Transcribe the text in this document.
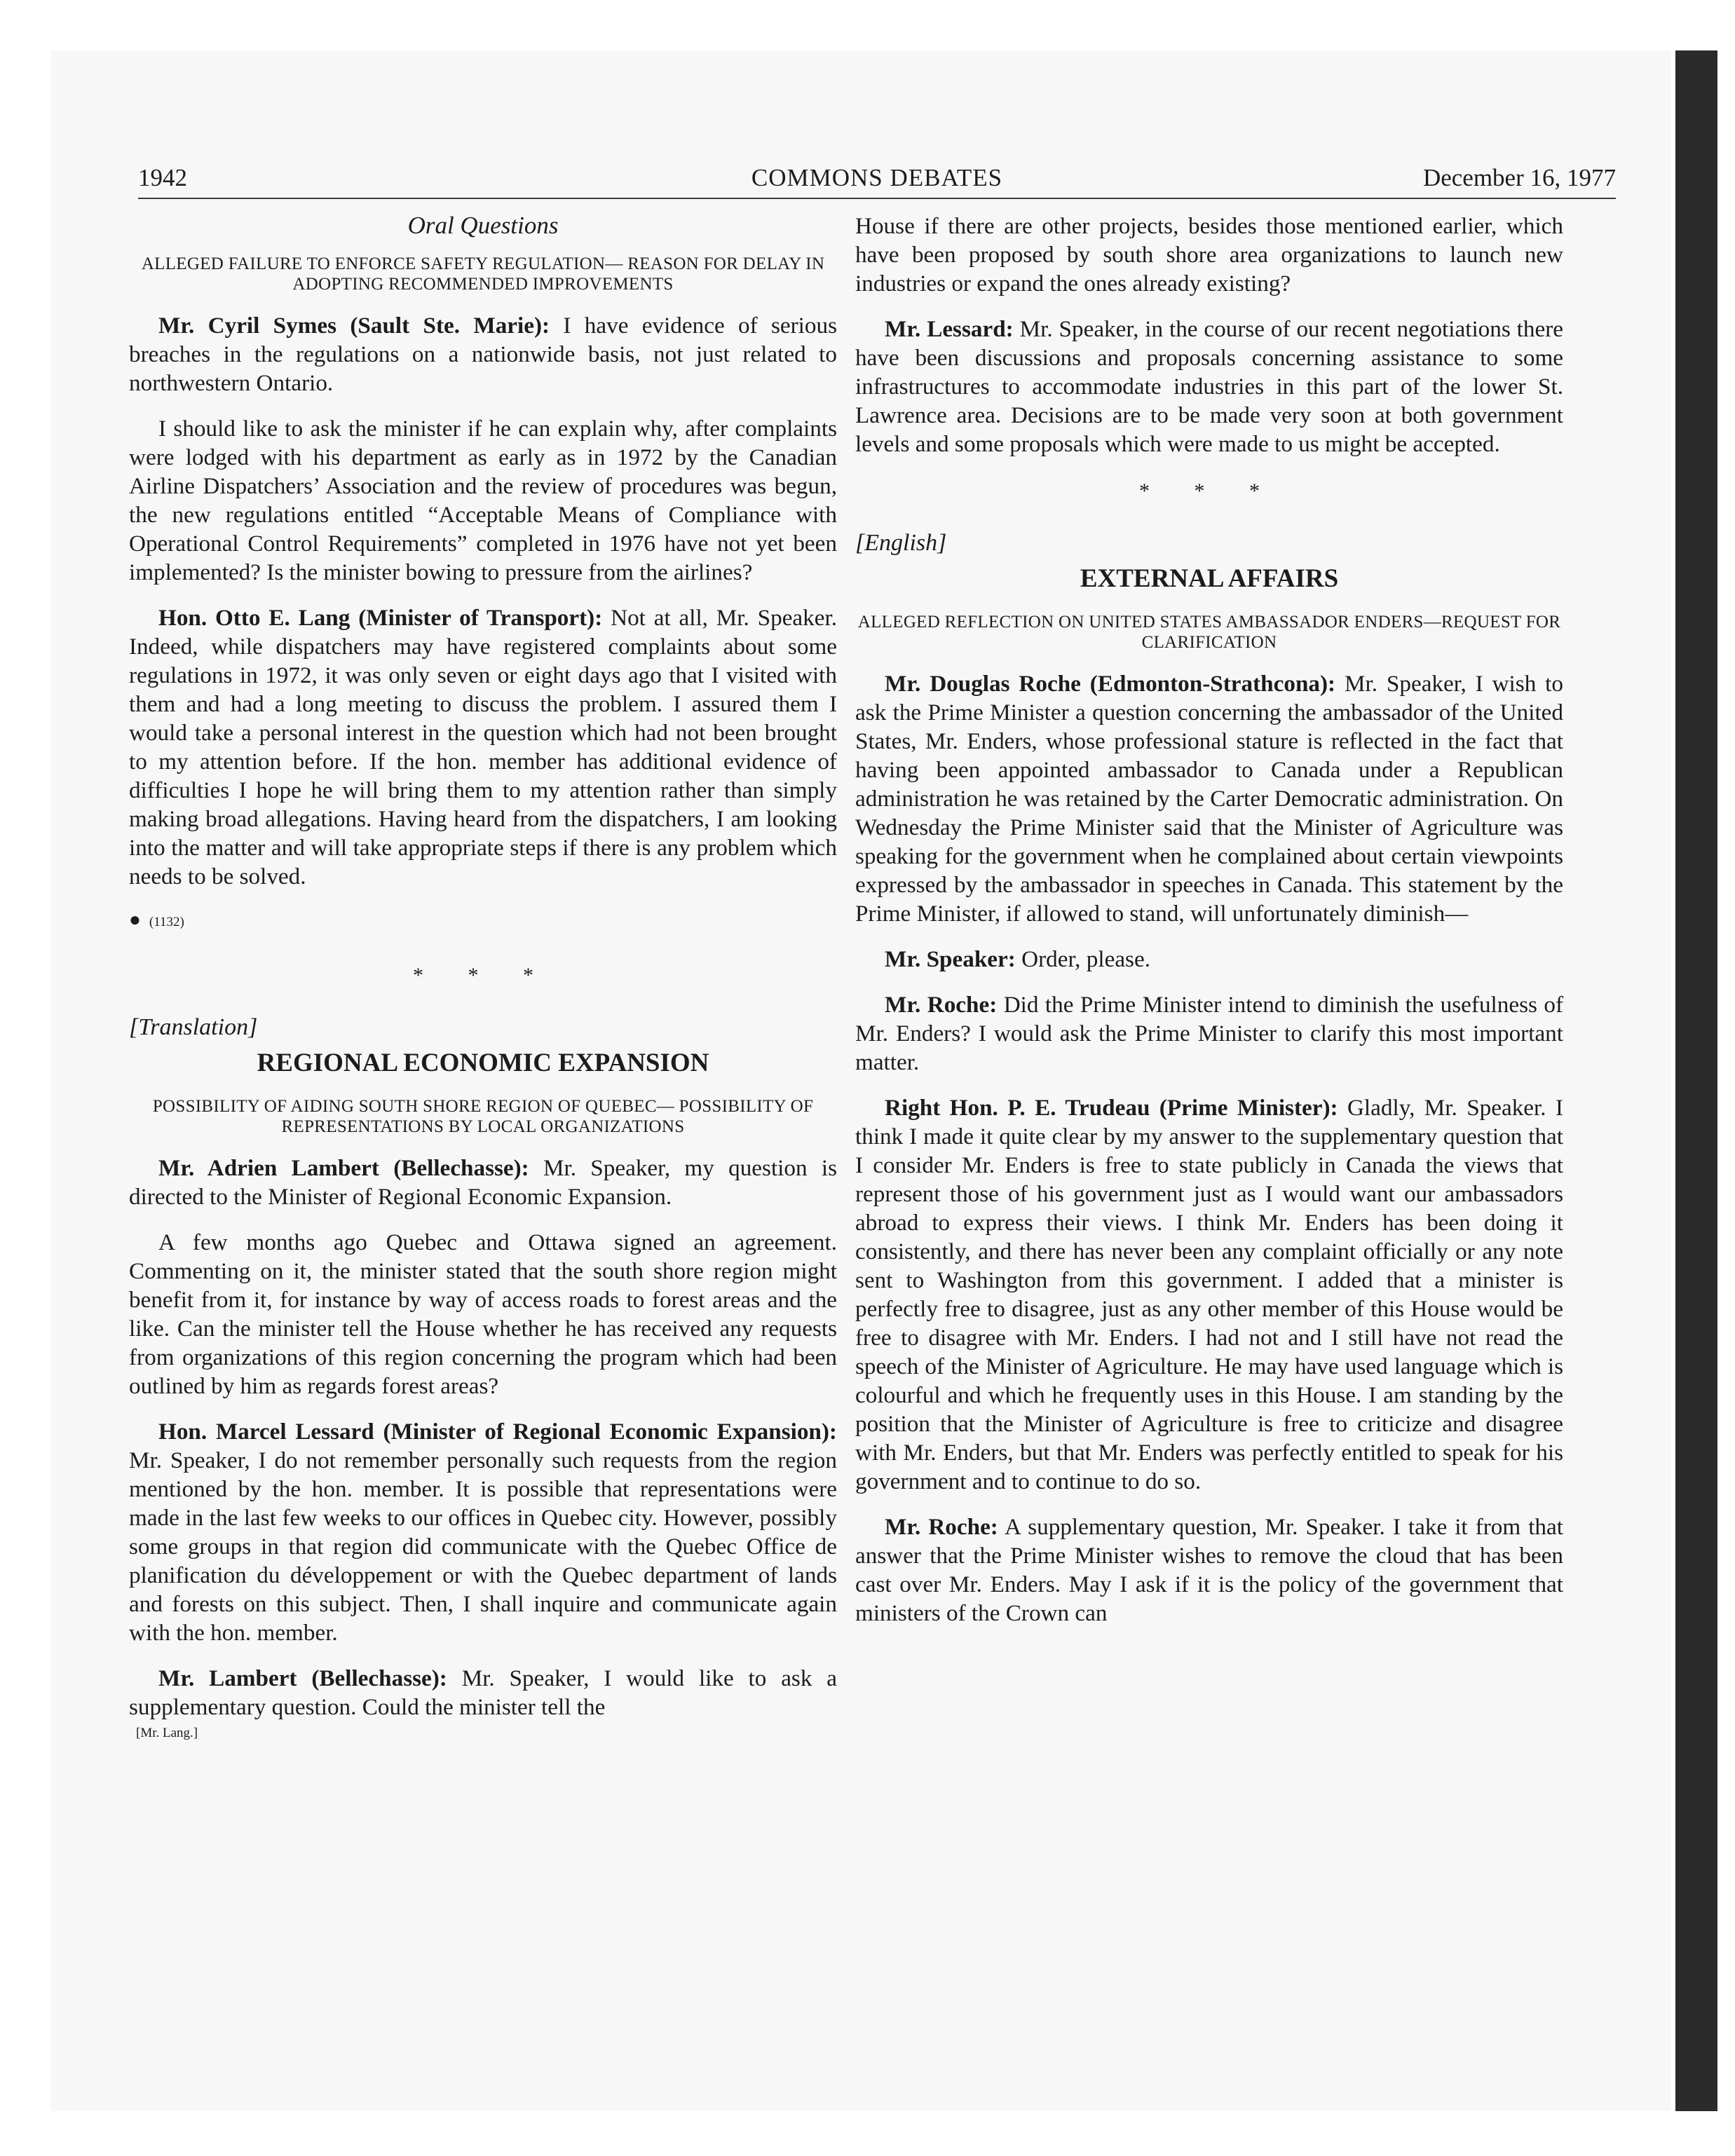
1942	COMMONS DEBATES	December 16, 1977
Oral Questions
ALLEGED FAILURE TO ENFORCE SAFETY REGULATION— REASON FOR DELAY IN ADOPTING RECOMMENDED IMPROVEMENTS

Mr. Cyril Symes (Sault Ste. Marie): I have evidence of serious breaches in the regulations on a nationwide basis, not just related to northwestern Ontario.

I should like to ask the minister if he can explain why, after complaints were lodged with his department as early as in 1972 by the Canadian Airline Dispatchers’ Association and the review of procedures was begun, the new regulations entitled “Acceptable Means of Compliance with Operational Control Requirements” completed in 1976 have not yet been implemented? Is the minister bowing to pressure from the airlines?

Hon. Otto E. Lang (Minister of Transport): Not at all, Mr. Speaker. Indeed, while dispatchers may have registered complaints about some regulations in 1972, it was only seven or eight days ago that I visited with them and had a long meeting to discuss the problem. I assured them I would take a personal interest in the question which had not been brought to my attention before. If the hon. member has additional evidence of difficulties I hope he will bring them to my attention rather than simply making broad allegations. Having heard from the dispatchers, I am looking into the matter and will take appropriate steps if there is any problem which needs to be solved.

● (1132)
* * *
[Translation]
REGIONAL ECONOMIC EXPANSION
POSSIBILITY OF AIDING SOUTH SHORE REGION OF QUEBEC— POSSIBILITY OF REPRESENTATIONS BY LOCAL ORGANIZATIONS

Mr. Adrien Lambert (Bellechasse): Mr. Speaker, my question is directed to the Minister of Regional Economic Expansion.

A few months ago Quebec and Ottawa signed an agreement. Commenting on it, the minister stated that the south shore region might benefit from it, for instance by way of access roads to forest areas and the like. Can the minister tell the House whether he has received any requests from organizations of this region concerning the program which had been outlined by him as regards forest areas?

Hon. Marcel Lessard (Minister of Regional Economic Expansion): Mr. Speaker, I do not remember personally such requests from the region mentioned by the hon. member. It is possible that representations were made in the last few weeks to our offices in Quebec city. However, possibly some groups in that region did communicate with the Quebec Office de planification du développement or with the Quebec department of lands and forests on this subject. Then, I shall inquire and communicate again with the hon. member.

Mr. Lambert (Bellechasse): Mr. Speaker, I would like to ask a supplementary question. Could the minister tell the

[Mr. Lang.]

House if there are other projects, besides those mentioned earlier, which have been proposed by south shore area organizations to launch new industries or expand the ones already existing?

Mr. Lessard: Mr. Speaker, in the course of our recent negotiations there have been discussions and proposals concerning assistance to some infrastructures to accommodate industries in this part of the lower St. Lawrence area. Decisions are to be made very soon at both government levels and some proposals which were made to us might be accepted.

* * *
[English]
EXTERNAL AFFAIRS
ALLEGED REFLECTION ON UNITED STATES AMBASSADOR ENDERS—REQUEST FOR CLARIFICATION

Mr. Douglas Roche (Edmonton-Strathcona): Mr. Speaker, I wish to ask the Prime Minister a question concerning the ambassador of the United States, Mr. Enders, whose professional stature is reflected in the fact that having been appointed ambassador to Canada under a Republican administration he was retained by the Carter Democratic administration. On Wednesday the Prime Minister said that the Minister of Agriculture was speaking for the government when he complained about certain viewpoints expressed by the ambassador in speeches in Canada. This statement by the Prime Minister, if allowed to stand, will unfortunately diminish—

Mr. Speaker: Order, please.

Mr. Roche: Did the Prime Minister intend to diminish the usefulness of Mr. Enders? I would ask the Prime Minister to clarify this most important matter.

Right Hon. P. E. Trudeau (Prime Minister): Gladly, Mr. Speaker. I think I made it quite clear by my answer to the supplementary question that I consider Mr. Enders is free to state publicly in Canada the views that represent those of his government just as I would want our ambassadors abroad to express their views. I think Mr. Enders has been doing it consistently, and there has never been any complaint officially or any note sent to Washington from this government. I added that a minister is perfectly free to disagree, just as any other member of this House would be free to disagree with Mr. Enders. I had not and I still have not read the speech of the Minister of Agriculture. He may have used language which is colourful and which he frequently uses in this House. I am standing by the position that the Minister of Agriculture is free to criticize and disagree with Mr. Enders, but that Mr. Enders was perfectly entitled to speak for his government and to continue to do so.

Mr. Roche: A supplementary question, Mr. Speaker. I take it from that answer that the Prime Minister wishes to remove the cloud that has been cast over Mr. Enders. May I ask if it is the policy of the government that ministers of the Crown can
